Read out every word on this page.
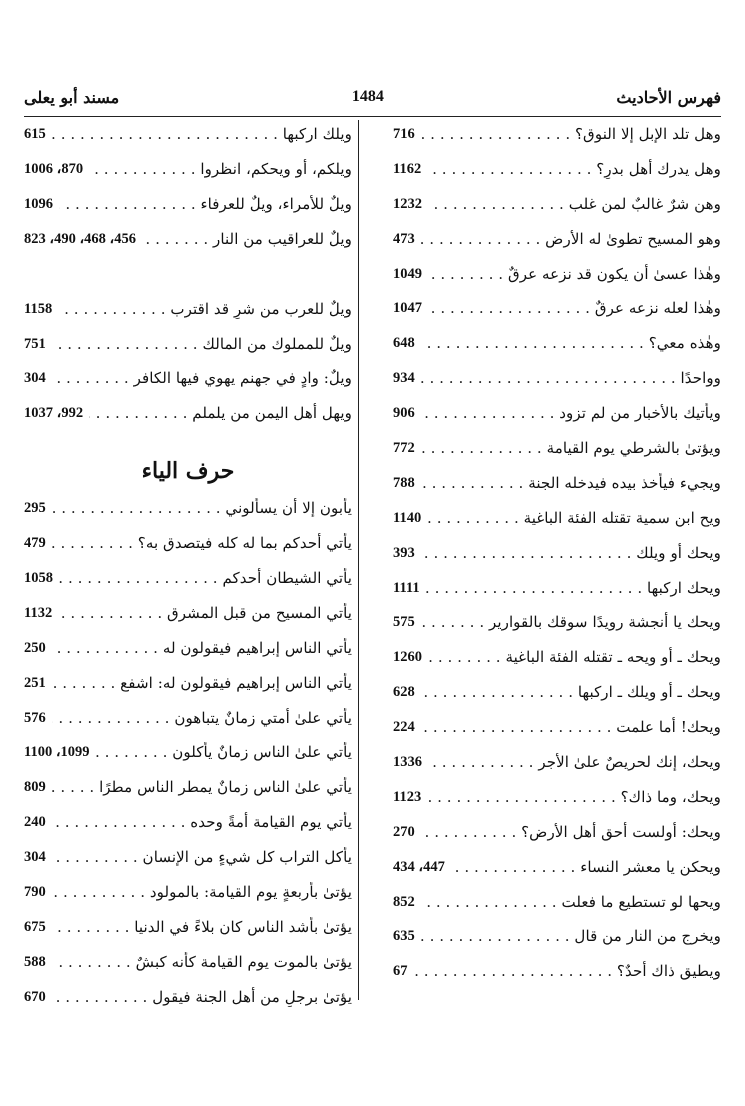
فهرس الأحاديث
1484
مسند أبو يعلى
وهل تلد الإبل إلا النوق؟ . . .
716
وهل يدرك أهل بدرٍ؟ . . .
1162
وهن شرٌ غالبٌ لمن غلب . . .
1232
وهو المسيح تطوىٰ له الأرض . . .
473
وهٰذا عسىٰ أن يكون قد نزعه عرقٌ . . .
1049
وهٰذا لعله نزعه عرقٌ . . .
1047
وهٰذه معي؟ . . .
648
وواحدًا . . .
934
ويأتيك بالأخبار من لم تزود . . .
906
ويؤتىٰ بالشرطي يوم القيامة . . .
772
ويجيء فيأخذ بيده فيدخله الجنة . . .
788
ويح ابن سمية تقتله الفئة الباغية . . .
1140
ويحك أو ويلك . . .
393
ويحك اركبها . . .
1111
ويحك يا أنجشة رويدًا سوقك بالقوارير . . .
575
ويحك ـ أو ويحه ـ تقتله الفئة الباغية . . .
1260
ويحك ـ أو ويلك ـ اركبها . . .
628
ويحك! أما علمت . . .
224
ويحك، إنك لحريصٌ علىٰ الأجر . . .
1336
ويحك، وما ذاك؟ . . .
1123
ويحك: أولست أحق أهل الأرض؟ . . .
270
ويحكن يا معشر النساء . . .
447، 434
ويحها لو تستطيع ما فعلت . . .
852
ويخرج من النار من قال . . .
635
ويطيق ذاك أحدٌ؟ . . .
67
ويلك اركبها . . .
615
ويلكم، أو ويحكم، انظروا . . .
870، 1006
ويلٌ للأمراء، ويلٌ للعرفاء . . .
1096
ويلٌ للعراقيب من النار . . .
456، 468، 490، 823
ويلٌ للعرب من شرٍ قد اقترب . . .
1158
ويلٌ للمملوك من المالك . . .
751
ويلٌ: وادٍ في جهنم يهوي فيها الكافر . . .
304
ويهل أهل اليمن من يلملم . . .
992، 1037
حرف الياء
يأبون إلا أن يسألوني . . .
295
يأتي أحدكم بما له كله فيتصدق به؟ . . .
479
يأتي الشيطان أحدكم . . .
1058
يأتي المسيح من قبل المشرق . . .
1132
يأتي الناس إبراهيم فيقولون له . . .
250
يأتي الناس إبراهيم فيقولون له: اشفع . . .
251
يأتي علىٰ أمتي زمانٌ يتباهون . . .
576
يأتي علىٰ الناس زمانٌ يأكلون . . .
1099، 1100
يأتي علىٰ الناس زمانٌ يمطر الناس مطرًا . . .
809
يأتي يوم القيامة أمةً وحده . . .
240
يأكل التراب كل شيءٍ من الإنسان . . .
304
يؤتىٰ بأربعةٍ يوم القيامة: بالمولود . . .
790
يؤتىٰ بأشد الناس كان بلاءً في الدنيا . . .
675
يؤتىٰ بالموت يوم القيامة كأنه كبشٌ . . .
588
يؤتىٰ برجلٍ من أهل الجنة فيقول . . .
670
